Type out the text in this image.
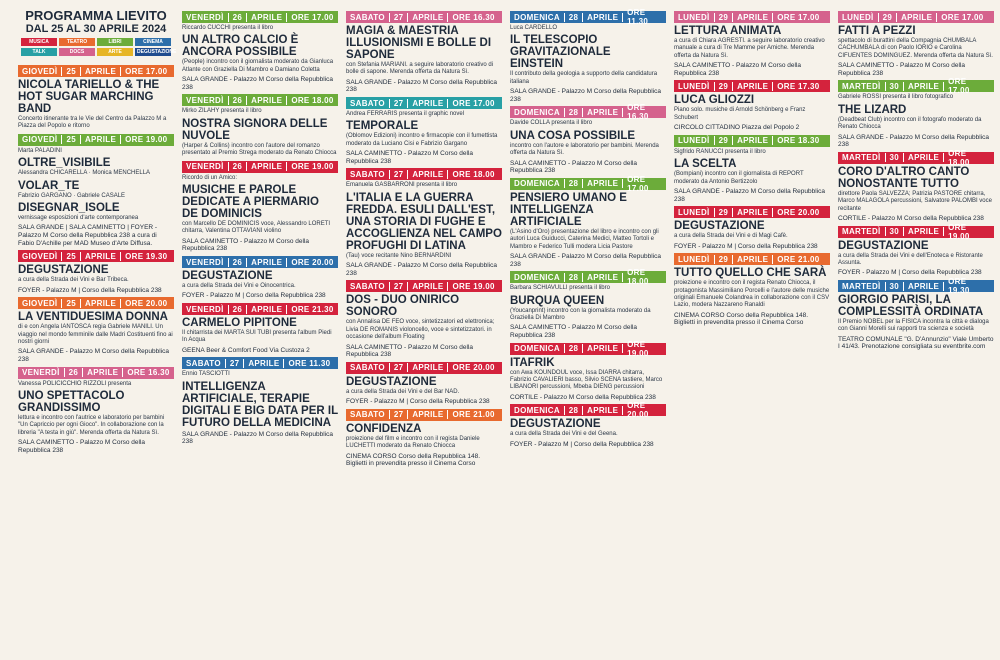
PROGRAMMA LIEVITO
DAL 25 AL 30 APRILE 2024
MUSICA	TEATRO	LIBRI	CINEMA
TALK	DOCS	ARTE	DEGUSTAZIONE
GIOVEDÌ	25	APRILE	ORE 17.00
NICOLA TARIELLO & THE HOT SUGAR MARCHING BAND
Concerto itinerante tra le Vie del Centro da Palazzo M a Piazza del Popolo e ritorno
GIOVEDÌ	25	APRILE	ORE 19.00
Marta PALADINI
OLTRE_VISIBILE
Alessandra CHICARELLA · Monica MENCHELLA
VOLAR_TE
Fabrizio GARGANO · Gabriele CASALE
DISEGNAR_ISOLE
vernissage esposizioni d'arte contemporanea
SALA GRANDE | SALA CAMINETTO | FOYER - Palazzo M Corso della Repubblica 238 a cura di Fabio D'Achille per MAD Museo d'Arte Diffusa.
GIOVEDÌ	25	APRILE	ORE 19.30
DEGUSTAZIONE
a cura della Strada dei Vini e Bar Tribeca.
FOYER - Palazzo M | Corso della Repubblica 238
GIOVEDÌ	25	APRILE	ORE 20.00
LA VENTIDUESIMA DONNA
di e con Angela IANTOSCA regia Gabriele MANILI. Un viaggio nel mondo femminile dalle Madri Costituenti fino ai nostri giorni
SALA GRANDE - Palazzo M Corso della Repubblica 238
VENERDÌ	26	APRILE	ORE 16.30
Vanessa POLICICCHIO RIZZOLI presenta
UNO SPETTACOLO GRANDISSIMO
lettura e incontro con l'autrice e laboratorio per bambini "Un Capriccio per ogni Gioco". In collaborazione con la libreria "A testa in giù". Merenda offerta da Natura Sì.
SALA CAMINETTO - Palazzo M Corso della Repubblica 238
VENERDÌ	26	APRILE	ORE 17.00
Riccardo CUCCHI presenta il libro
UN ALTRO CALCIO È ANCORA POSSIBILE
(People) incontro con il giornalista moderato da Gianluca Atlante con Graziella Di Mambro e Damiano Coletta
SALA GRANDE - Palazzo M Corso della Repubblica 238
VENERDÌ	26	APRILE	ORE 18.00
Mirko ZILAHY presenta il libro
NOSTRA SIGNORA DELLE NUVOLE
(Harper & Collins) incontro con l'autore del romanzo presentato al Premio Strega moderato da Renato Chiocca
VENERDÌ	26	APRILE	ORE 19.00
Ricordo di un Amico:
MUSICHE E PAROLE DEDICATE A PIERMARIO DE DOMINICIS
con Marcello DE DOMINICIS voce, Alessandro LORETI chitarra, Valentina OTTAVIANI violino
SALA CAMINETTO - Palazzo M Corso della Repubblica 238
VENERDÌ	26	APRILE	ORE 20.00
DEGUSTAZIONE
a cura della Strada dei Vini e Oinocentrica.
FOYER - Palazzo M | Corso della Repubblica 238
VENERDÌ	26	APRILE	ORE 21.30
CARMELO PIPITONE
Il chitarrista dei MARTA SUI TUBI presenta l'album Piedi In Acqua
GEENA Beer & Comfort Food Via Custoza 2
SABATO	27	APRILE	ORE 11.30
Ennio TASCIOTTI
INTELLIGENZA ARTIFICIALE, TERAPIE DIGITALI E BIG DATA PER IL FUTURO DELLA MEDICINA
SALA GRANDE - Palazzo M Corso della Repubblica 238
SABATO	27	APRILE	ORE 16.30
MAGIA & MAESTRIA ILLUSIONISMI E BOLLE DI SAPONE
con Stefania MARIANI. a seguire laboratorio creativo di bolle di sapone. Merenda offerta da Natura Sì.
SALA GRANDE - Palazzo M Corso della Repubblica 238
SABATO	27	APRILE	ORE 17.00
Andrea FERRARIS presenta il graphic novel
TEMPORALE
(Oblomov Edizioni) incontro e firmacopie con il fumettista moderato da Luciano Cisi e Fabrizio Gargano
SALA CAMINETTO - Palazzo M Corso della Repubblica 238
SABATO	27	APRILE	ORE 18.00
Emanuela GASBARRONI presenta il libro
L'ITALIA E LA GUERRA FREDDA. ESULI DALL'EST, UNA STORIA DI FUGHE E ACCOGLIENZA NEL CAMPO PROFUGHI DI LATINA
(Tau) voce recitante Nino BERNARDINI
SALA GRANDE - Palazzo M Corso della Repubblica 238
SABATO	27	APRILE	ORE 19.00
DOS - DUO ONIRICO SONORO
con Annalisa DE FEO voce, sintetizzatori ed elettronica; Livia DE ROMANIS violoncello, voce e sintetizzatori. in occasione dell'album Floating
SALA CAMINETTO - Palazzo M Corso della Repubblica 238
SABATO	27	APRILE	ORE 20.00
DEGUSTAZIONE
a cura della Strada dei Vini e del Bar NAD.
FOYER - Palazzo M | Corso della Repubblica 238
SABATO	27	APRILE	ORE 21.00
CONFIDENZA
proiezione del film e incontro con il regista Daniele LUCHETTI moderato da Renato Chiocca
CINEMA CORSO Corso della Repubblica 148. Biglietti in prevendita presso il Cinema Corso
DOMENICA	28	APRILE	ORE 11.30
Luca CARDELLO
IL TELESCOPIO GRAVITAZIONALE EINSTEIN
Il contributo della geologia a supporto della candidatura italiana
SALA GRANDE - Palazzo M Corso della Repubblica 238
DOMENICA	28	APRILE	ORE 16.30
Davide COLLA presenta il libro
UNA COSA POSSIBILE
incontro con l'autore e laboratorio per bambini. Merenda offerta da Natura Sì.
SALA CAMINETTO - Palazzo M Corso della Repubblica 238
DOMENICA	28	APRILE	ORE 17.00
PENSIERO UMANO E INTELLIGENZA ARTIFICIALE
(L'Asino d'Oro) presentazione del libro e incontro con gli autori Luca Guiducci, Caterina Medici, Matteo Tortoli e Mambro e Federico Tulli modera Licia Pastore
SALA GRANDE - Palazzo M Corso della Repubblica 238
DOMENICA	28	APRILE	ORE 18.00
Barbara SCHIAVULLI presenta il libro
BURQUA QUEEN
(Youcanprint) incontro con la giornalista moderato da Graziella Di Mambro
SALA CAMINETTO - Palazzo M Corso della Repubblica 238
DOMENICA	28	APRILE	ORE 19.00
ITAFRIK
con Awa KOUNDOUL voce, Issa DIARRA chitarra, Fabrizio CAVALIERI basso, Silvio SCENA tastiere, Marco LIBANORI percussioni, Mbeba DIENG percussioni
CORTILE - Palazzo M Corso della Repubblica 238
DOMENICA	28	APRILE	ORE 20.00
DEGUSTAZIONE
a cura della Strada dei Vini e del Geena.
FOYER - Palazzo M | Corso della Repubblica 238
LUNEDÌ	29	APRILE	ORE 17.00
LETTURA ANIMATA
a cura di Chiara AGRESTI. a seguire laboratorio creativo manuale a cura di Tre Mamme per Amiche. Merenda offerta da Natura Sì.
SALA CAMINETTO - Palazzo M Corso della Repubblica 238
LUNEDÌ	29	APRILE	ORE 17.30
LUCA GLIOZZI
Piano solo. musiche di Arnold Schönberg e Franz Schubert
CIRCOLO CITTADINO Piazza del Popolo 2
LUNEDÌ	29	APRILE	ORE 18.30
Sigfrido RANUCCI presenta il libro
LA SCELTA
(Bompiani) incontro con il giornalista di REPORT moderato da Antonio Bertizzolo
SALA GRANDE - Palazzo M Corso della Repubblica 238
LUNEDÌ	29	APRILE	ORE 20.00
DEGUSTAZIONE
a cura della Strada dei Vini e di Magi Cafè.
FOYER - Palazzo M | Corso della Repubblica 238
LUNEDÌ	29	APRILE	ORE 21.00
TUTTO QUELLO CHE SARÀ
proiezione e incontro con il regista Renato Chiocca, il protagonista Massimiliano Porcelli e l'autore delle musiche originali Emanuele Colandrea in collaborazione con il CSV Lazio, modera Nazzareno Ranaldi
CINEMA CORSO Corso della Repubblica 148. Biglietti in prevendita presso il Cinema Corso
LUNEDÌ	29	APRILE	ORE 17.00
FATTI A PEZZI
spettacolo di burattini della Compagnia CHUMBALA CACHUMBALA di con Paolo IORIO e Carolina CIFUENTES DOMINGUEZ. Merenda offerta da Natura Sì.
SALA CAMINETTO - Palazzo M Corso della Repubblica 238
MARTEDÌ	30	APRILE	ORE 17.00
Gabriele ROSSI presenta il libro fotografico
THE LIZARD
(Deadbeat Club) incontro con il fotografo moderato da Renato Chiocca
SALA GRANDE - Palazzo M Corso della Repubblica 238
MARTEDÌ	30	APRILE	ORE 18.00
CORO D'ALTRO CANTO NONOSTANTE TUTTO
direttore Paola SALVEZZA; Patrizia PASTORE chitarra, Marco MALAGOLA percussioni, Salvatore PALOMBI voce recitante
CORTILE - Palazzo M Corso della Repubblica 238
MARTEDÌ	30	APRILE	ORE 19.00
DEGUSTAZIONE
a cura della Strada dei Vini e dell'Enoteca e Ristorante Assunta.
FOYER - Palazzo M | Corso della Repubblica 238
MARTEDÌ	30	APRILE	ORE 19.30
GIORGIO PARISI, LA COMPLESSITÀ ORDINATA
Il Premio NOBEL per la FISICA incontra la città e dialoga con Gianni Morelli sui rapporti tra scienza e società
TEATRO COMUNALE "G. D'Annunzio" Viale Umberto I 41/43. Prenotazione consigliata su eventbrite.com
